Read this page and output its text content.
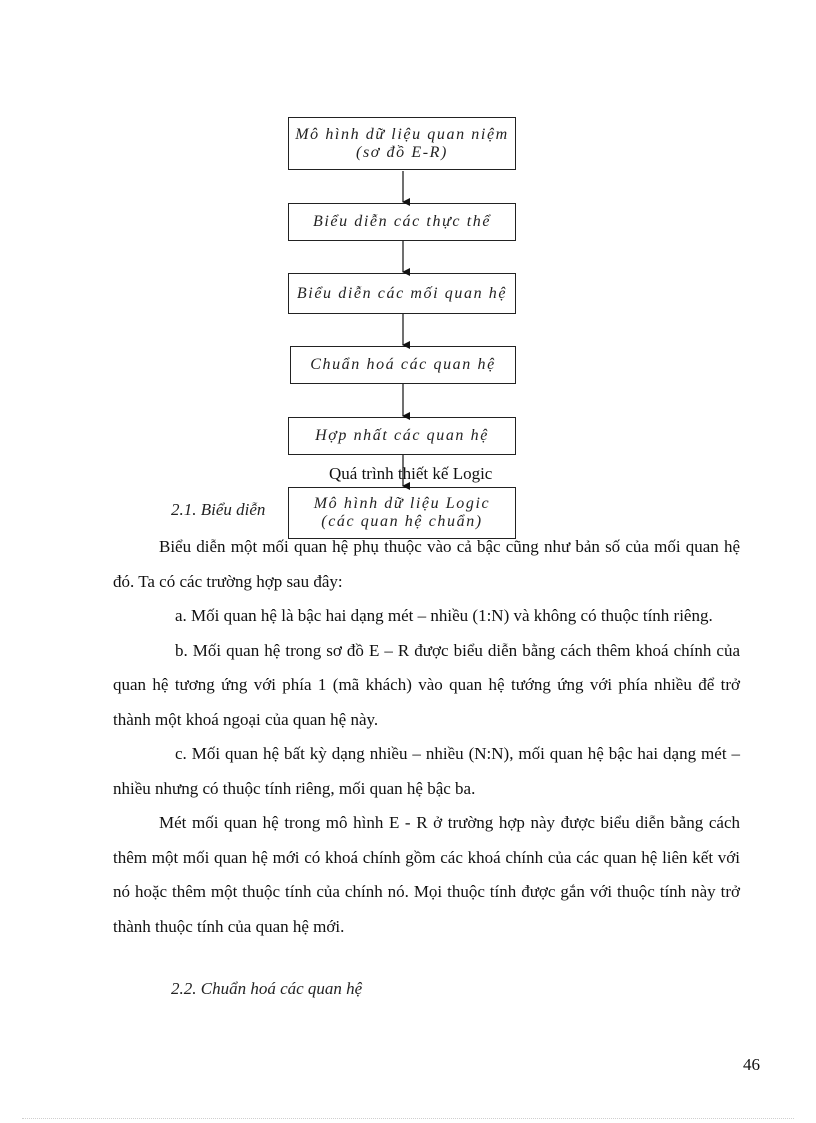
Mô hình dữ liệu quan niệm
(sơ đồ E-R)
Biểu diễn các thực thể
Biểu diễn các mối quan hệ
Chuẩn hoá các quan hệ
Hợp nhất các quan hệ
Mô hình dữ liệu Logic
(các quan hệ chuẩn)
Quá trình thiết kế Logic
2.1. Biểu diễn

Biểu diễn một mối quan hệ phụ thuộc vào cả bậc cũng như bản số của mối quan hệ đó. Ta có các trường hợp sau đây:

a. Mối quan hệ là bậc hai dạng mét – nhiều (1:N) và không có thuộc tính riêng.

b. Mối quan hệ trong sơ đồ E – R được biểu diễn bằng cách thêm khoá chính của quan hệ tương ứng với phía 1 (mã khách) vào quan hệ tướng ứng với phía nhiều để trở thành một khoá ngoại của quan hệ này.

c. Mối quan hệ bất kỳ dạng nhiều – nhiều (N:N), mối quan hệ bậc hai dạng mét – nhiều nhưng có thuộc tính riêng, mối quan hệ bậc ba.

Mét mối quan hệ trong mô hình E - R ở trường hợp này được biểu diễn bằng cách thêm một mối quan hệ mới có khoá chính gồm các khoá chính của các quan hệ liên kết với nó hoặc thêm một thuộc tính của chính nó. Mọi thuộc tính được gắn với thuộc tính này trở thành thuộc tính của quan hệ mới.

2.2. Chuẩn hoá các quan hệ
46
